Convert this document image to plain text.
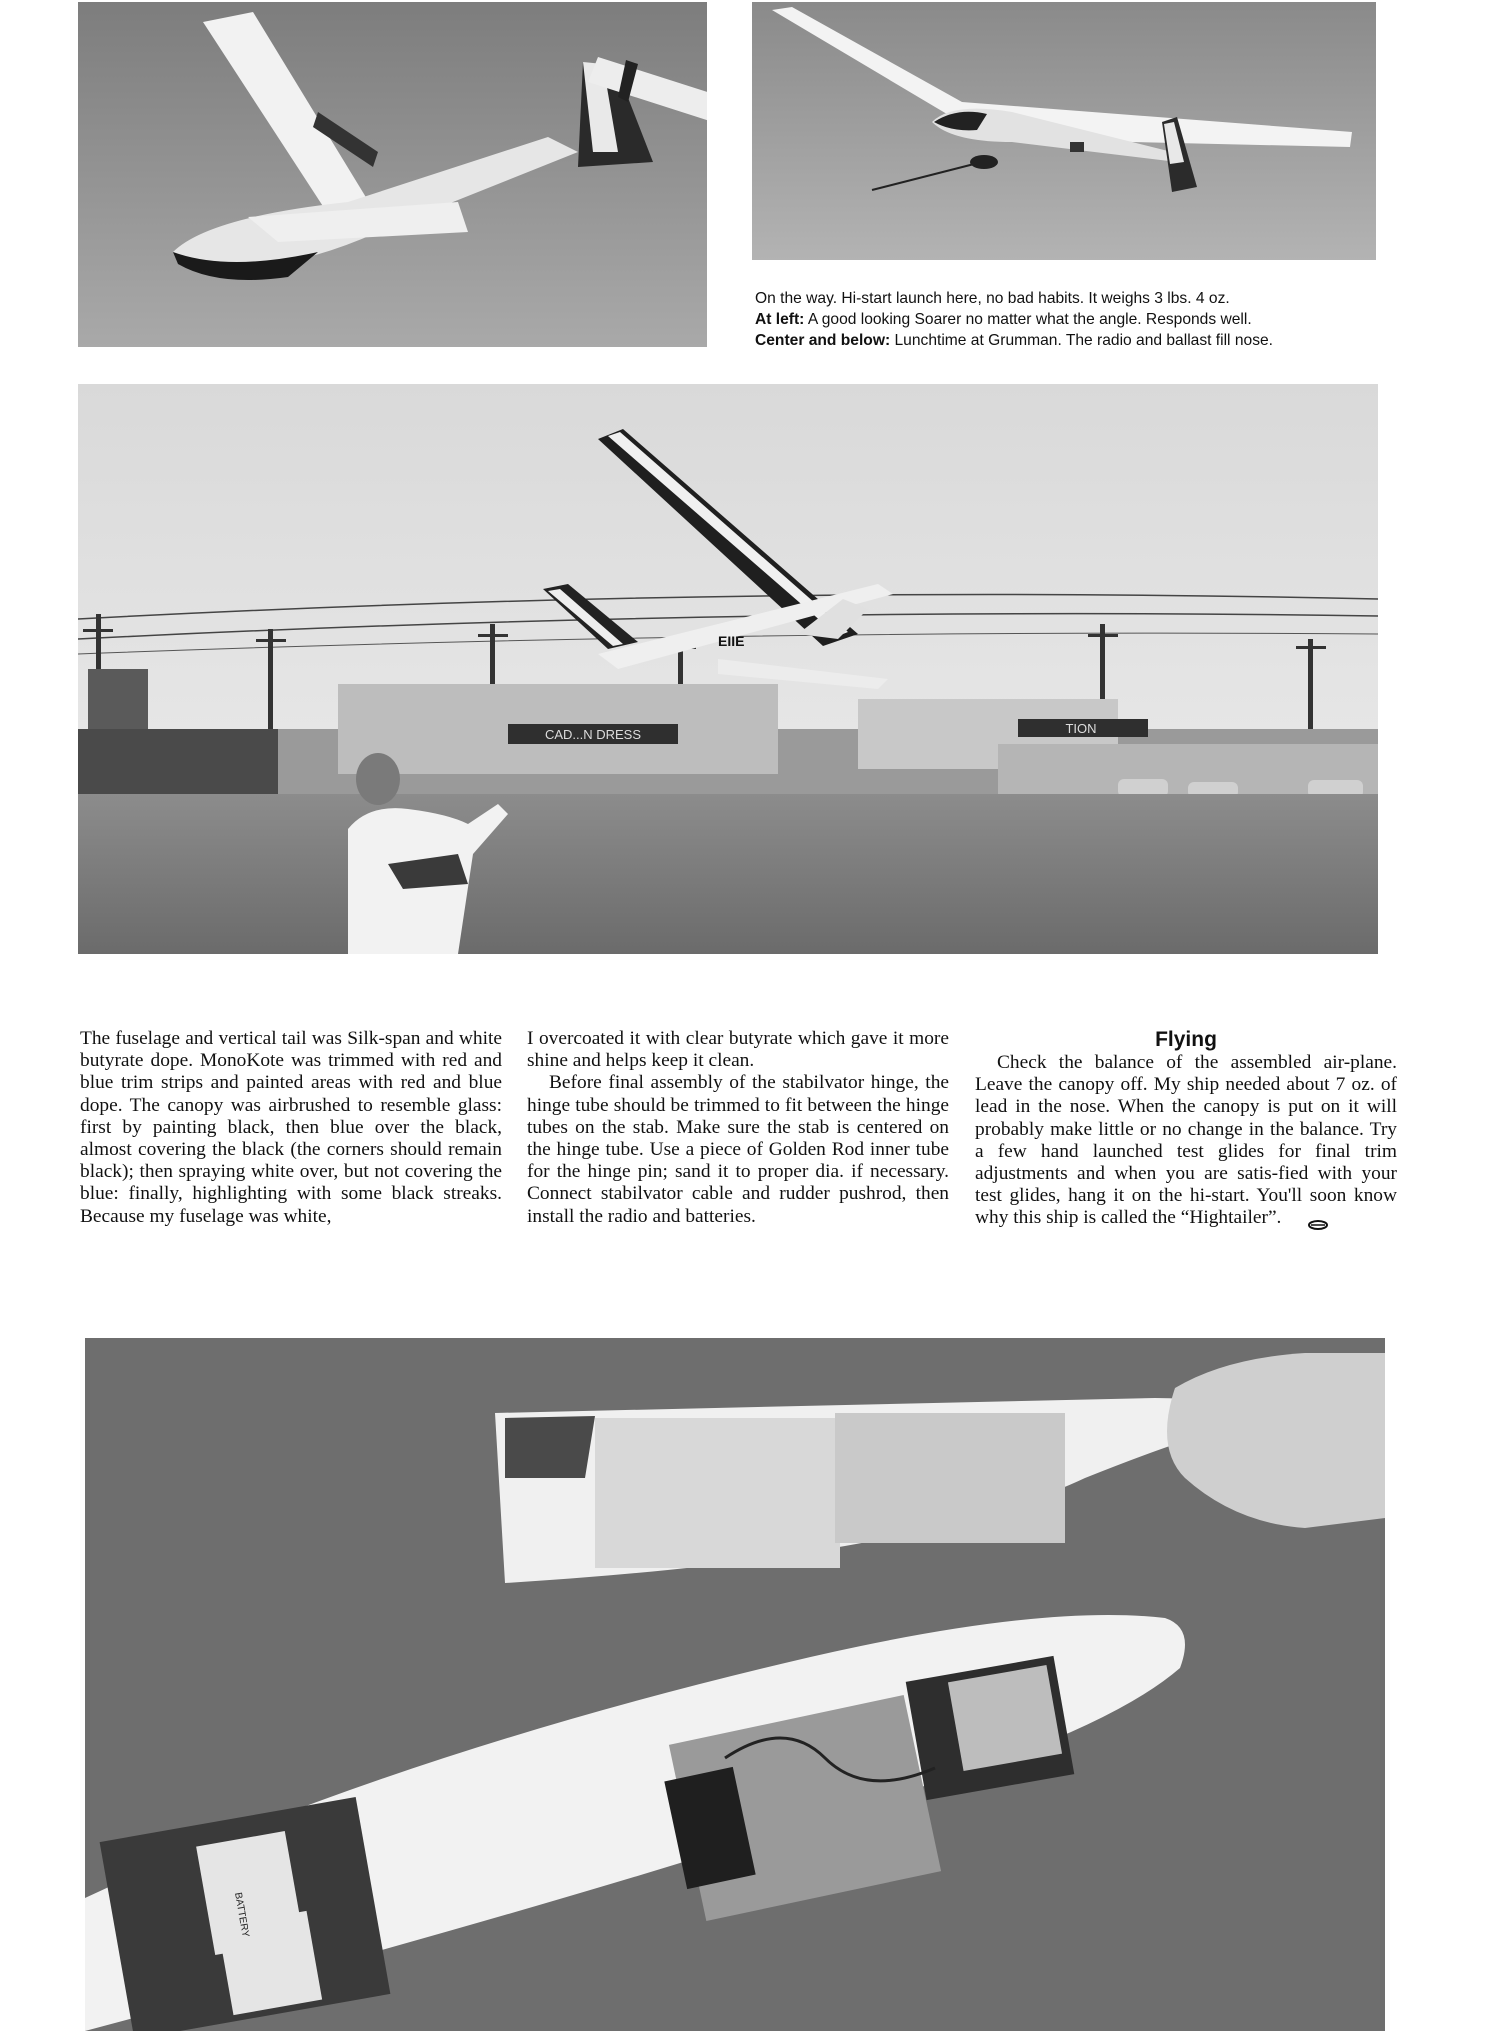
On the way. Hi-start launch here, no bad habits. It weighs 3 lbs. 4 oz.
At left: A good looking Soarer no matter what the angle. Responds well.
Center and below: Lunchtime at Grumman. The radio and ballast fill nose.
TION
CAD...N DRESS
EIIE

The fuselage and vertical tail was Silk-span and white butyrate dope. MonoKote was trimmed with red and blue trim strips and painted areas with red and blue dope. The canopy was airbrushed to resemble glass: first by painting black, then blue over the black, almost covering the black (the corners should remain black); then spraying white over, but not covering the blue: finally, highlighting with some black streaks. Because my fuselage was white,

I overcoated it with clear butyrate which gave it more shine and helps keep it clean.

Before final assembly of the stabilvator hinge, the hinge tube should be trimmed to fit between the hinge tubes on the stab. Make sure the stab is centered on the hinge tube. Use a piece of Golden Rod inner tube for the hinge pin; sand it to proper dia. if necessary. Connect stabilvator cable and rudder pushrod, then install the radio and batteries.

Flying

Check the balance of the assembled air-plane. Leave the canopy off. My ship needed about 7 oz. of lead in the nose. When the canopy is put on it will probably make little or no change in the balance. Try a few hand launched test glides for final trim adjustments and when you are satis-fied with your test glides, hang it on the hi-start. You'll soon know why this ship is called the “Hightailer”.

BATTERY
